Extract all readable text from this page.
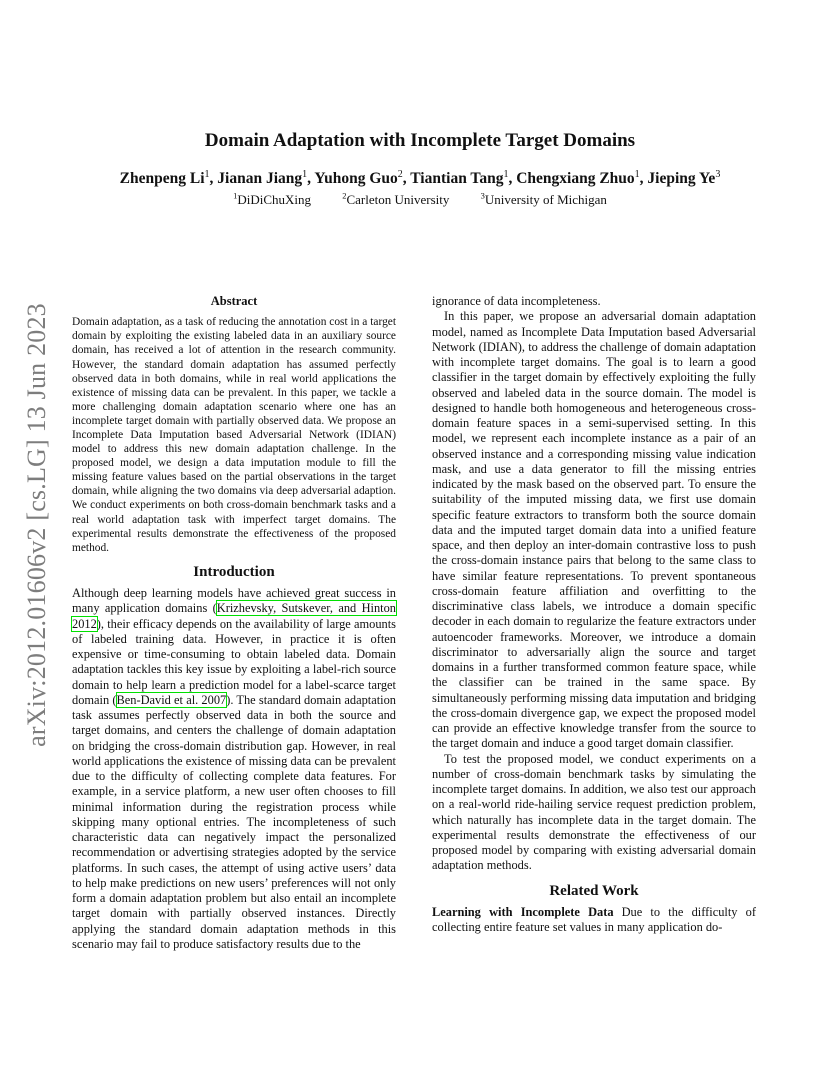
arXiv:2012.01606v2 [cs.LG] 13 Jun 2023
Domain Adaptation with Incomplete Target Domains
Zhenpeng Li$^1$, Jianan Jiang$^1$, Yuhong Guo$^2$, Tiantian Tang$^1$, Chengxiang Zhuo$^1$, Jieping Ye$^3$
$^1$DiDiChuXing	$^2$Carleton University	$^3$University of Michigan
Abstract

Domain adaptation, as a task of reducing the annotation cost in a target domain by exploiting the existing labeled data in an auxiliary source domain, has received a lot of attention in the research community. However, the standard domain adaptation has assumed perfectly observed data in both domains, while in real world applications the existence of missing data can be prevalent. In this paper, we tackle a more challenging domain adaptation scenario where one has an incomplete target domain with partially observed data. We propose an Incomplete Data Imputation based Adversarial Network (IDIAN) model to address this new domain adaptation challenge. In the proposed model, we design a data imputation module to fill the missing feature values based on the partial observations in the target domain, while aligning the two domains via deep adversarial adaption. We conduct experiments on both cross-domain benchmark tasks and a real world adaptation task with imperfect target domains. The experimental results demonstrate the effectiveness of the proposed method.

Introduction

Although deep learning models have achieved great success in many application domains (Krizhevsky, Sutskever, and Hinton 2012), their efficacy depends on the availability of large amounts of labeled training data. However, in practice it is often expensive or time-consuming to obtain labeled data. Domain adaptation tackles this key issue by exploiting a label-rich source domain to help learn a prediction model for a label-scarce target domain (Ben-David et al. 2007). The standard domain adaptation task assumes perfectly observed data in both the source and target domains, and centers the challenge of domain adaptation on bridging the cross-domain distribution gap. However, in real world applications the existence of missing data can be prevalent due to the difficulty of collecting complete data features. For example, in a service platform, a new user often chooses to fill minimal information during the registration process while skipping many optional entries. The incompleteness of such characteristic data can negatively impact the personalized recommendation or advertising strategies adopted by the service platforms. In such cases, the attempt of using active users’ data to help make predictions on new users’ preferences will not only form a domain adaptation problem but also entail an incomplete target domain with partially observed instances. Directly applying the standard domain adaptation methods in this scenario may fail to produce satisfactory results due to the

ignorance of data incompleteness.

In this paper, we propose an adversarial domain adaptation model, named as Incomplete Data Imputation based Adversarial Network (IDIAN), to address the challenge of domain adaptation with incomplete target domains. The goal is to learn a good classifier in the target domain by effectively exploiting the fully observed and labeled data in the source domain. The model is designed to handle both homogeneous and heterogeneous cross-domain feature spaces in a semi-supervised setting. In this model, we represent each incomplete instance as a pair of an observed instance and a corresponding missing value indication mask, and use a data generator to fill the missing entries indicated by the mask based on the observed part. To ensure the suitability of the imputed missing data, we first use domain specific feature extractors to transform both the source domain data and the imputed target domain data into a unified feature space, and then deploy an inter-domain contrastive loss to push the cross-domain instance pairs that belong to the same class to have similar feature representations. To prevent spontaneous cross-domain feature affiliation and overfitting to the discriminative class labels, we introduce a domain specific decoder in each domain to regularize the feature extractors under autoencoder frameworks. Moreover, we introduce a domain discriminator to adversarially align the source and target domains in a further transformed common feature space, while the classifier can be trained in the same space. By simultaneously performing missing data imputation and bridging the cross-domain divergence gap, we expect the proposed model can provide an effective knowledge transfer from the source to the target domain and induce a good target domain classifier.

To test the proposed model, we conduct experiments on a number of cross-domain benchmark tasks by simulating the incomplete target domains. In addition, we also test our approach on a real-world ride-hailing service request prediction problem, which naturally has incomplete data in the target domain. The experimental results demonstrate the effectiveness of our proposed model by comparing with existing adversarial domain adaptation methods.

Related Work

Learning with Incomplete Data Due to the difficulty of collecting entire feature set values in many application do-
